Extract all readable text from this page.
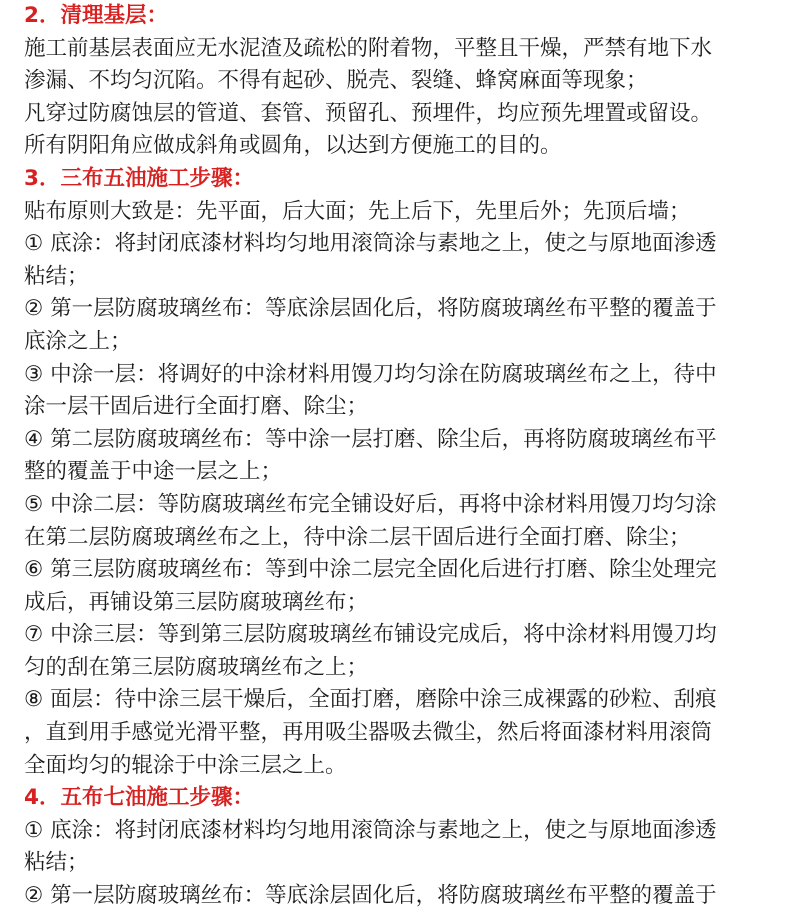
2．清理基层：
施工前基层表面应无水泥渣及疏松的附着物，平整且干燥，严禁有地下水
渗漏、不均匀沉陷。不得有起砂、脱壳、裂缝、蜂窝麻面等现象；
凡穿过防腐蚀层的管道、套管、预留孔、预埋件，均应预先埋置或留设。
所有阴阳角应做成斜角或圆角，以达到方便施工的目的。
3．三布五油施工步骤：
贴布原则大致是：先平面，后大面；先上后下，先里后外；先顶后墙；
① 底涂：将封闭底漆材料均匀地用滚筒涂与素地之上，使之与原地面渗透
粘结；
② 第一层防腐玻璃丝布：等底涂层固化后，将防腐玻璃丝布平整的覆盖于
底涂之上；
③ 中涂一层：将调好的中涂材料用馒刀均匀涂在防腐玻璃丝布之上，待中
涂一层干固后进行全面打磨、除尘；
④ 第二层防腐玻璃丝布：等中涂一层打磨、除尘后，再将防腐玻璃丝布平
整的覆盖于中途一层之上；
⑤ 中涂二层：等防腐玻璃丝布完全铺设好后，再将中涂材料用馒刀均匀涂
在第二层防腐玻璃丝布之上，待中涂二层干固后进行全面打磨、除尘；
⑥ 第三层防腐玻璃丝布：等到中涂二层完全固化后进行打磨、除尘处理完
成后，再铺设第三层防腐玻璃丝布；
⑦ 中涂三层：等到第三层防腐玻璃丝布铺设完成后，将中涂材料用馒刀均
匀的刮在第三层防腐玻璃丝布之上；
⑧ 面层：待中涂三层干燥后，全面打磨，磨除中涂三成裸露的砂粒、刮痕
，直到用手感觉光滑平整，再用吸尘器吸去微尘，然后将面漆材料用滚筒
全面均匀的辊涂于中涂三层之上。
4．五布七油施工步骤：
① 底涂：将封闭底漆材料均匀地用滚筒涂与素地之上，使之与原地面渗透
粘结；
② 第一层防腐玻璃丝布：等底涂层固化后，将防腐玻璃丝布平整的覆盖于
